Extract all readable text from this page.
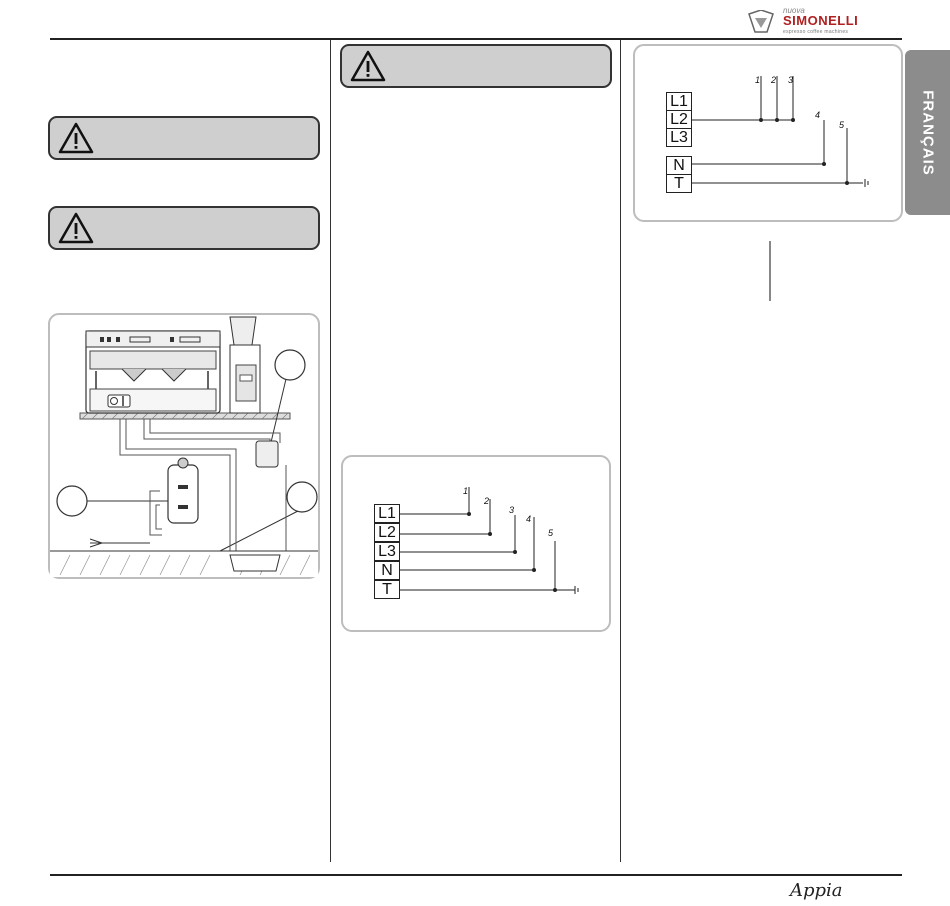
nuova
SIMONELLI
espresso coffee machines
FRANÇAIS
L1
L2
L3
N
T
1
2
3
4
5
L1
L2
L3
N
T
1 2 3
4
5
Appia
